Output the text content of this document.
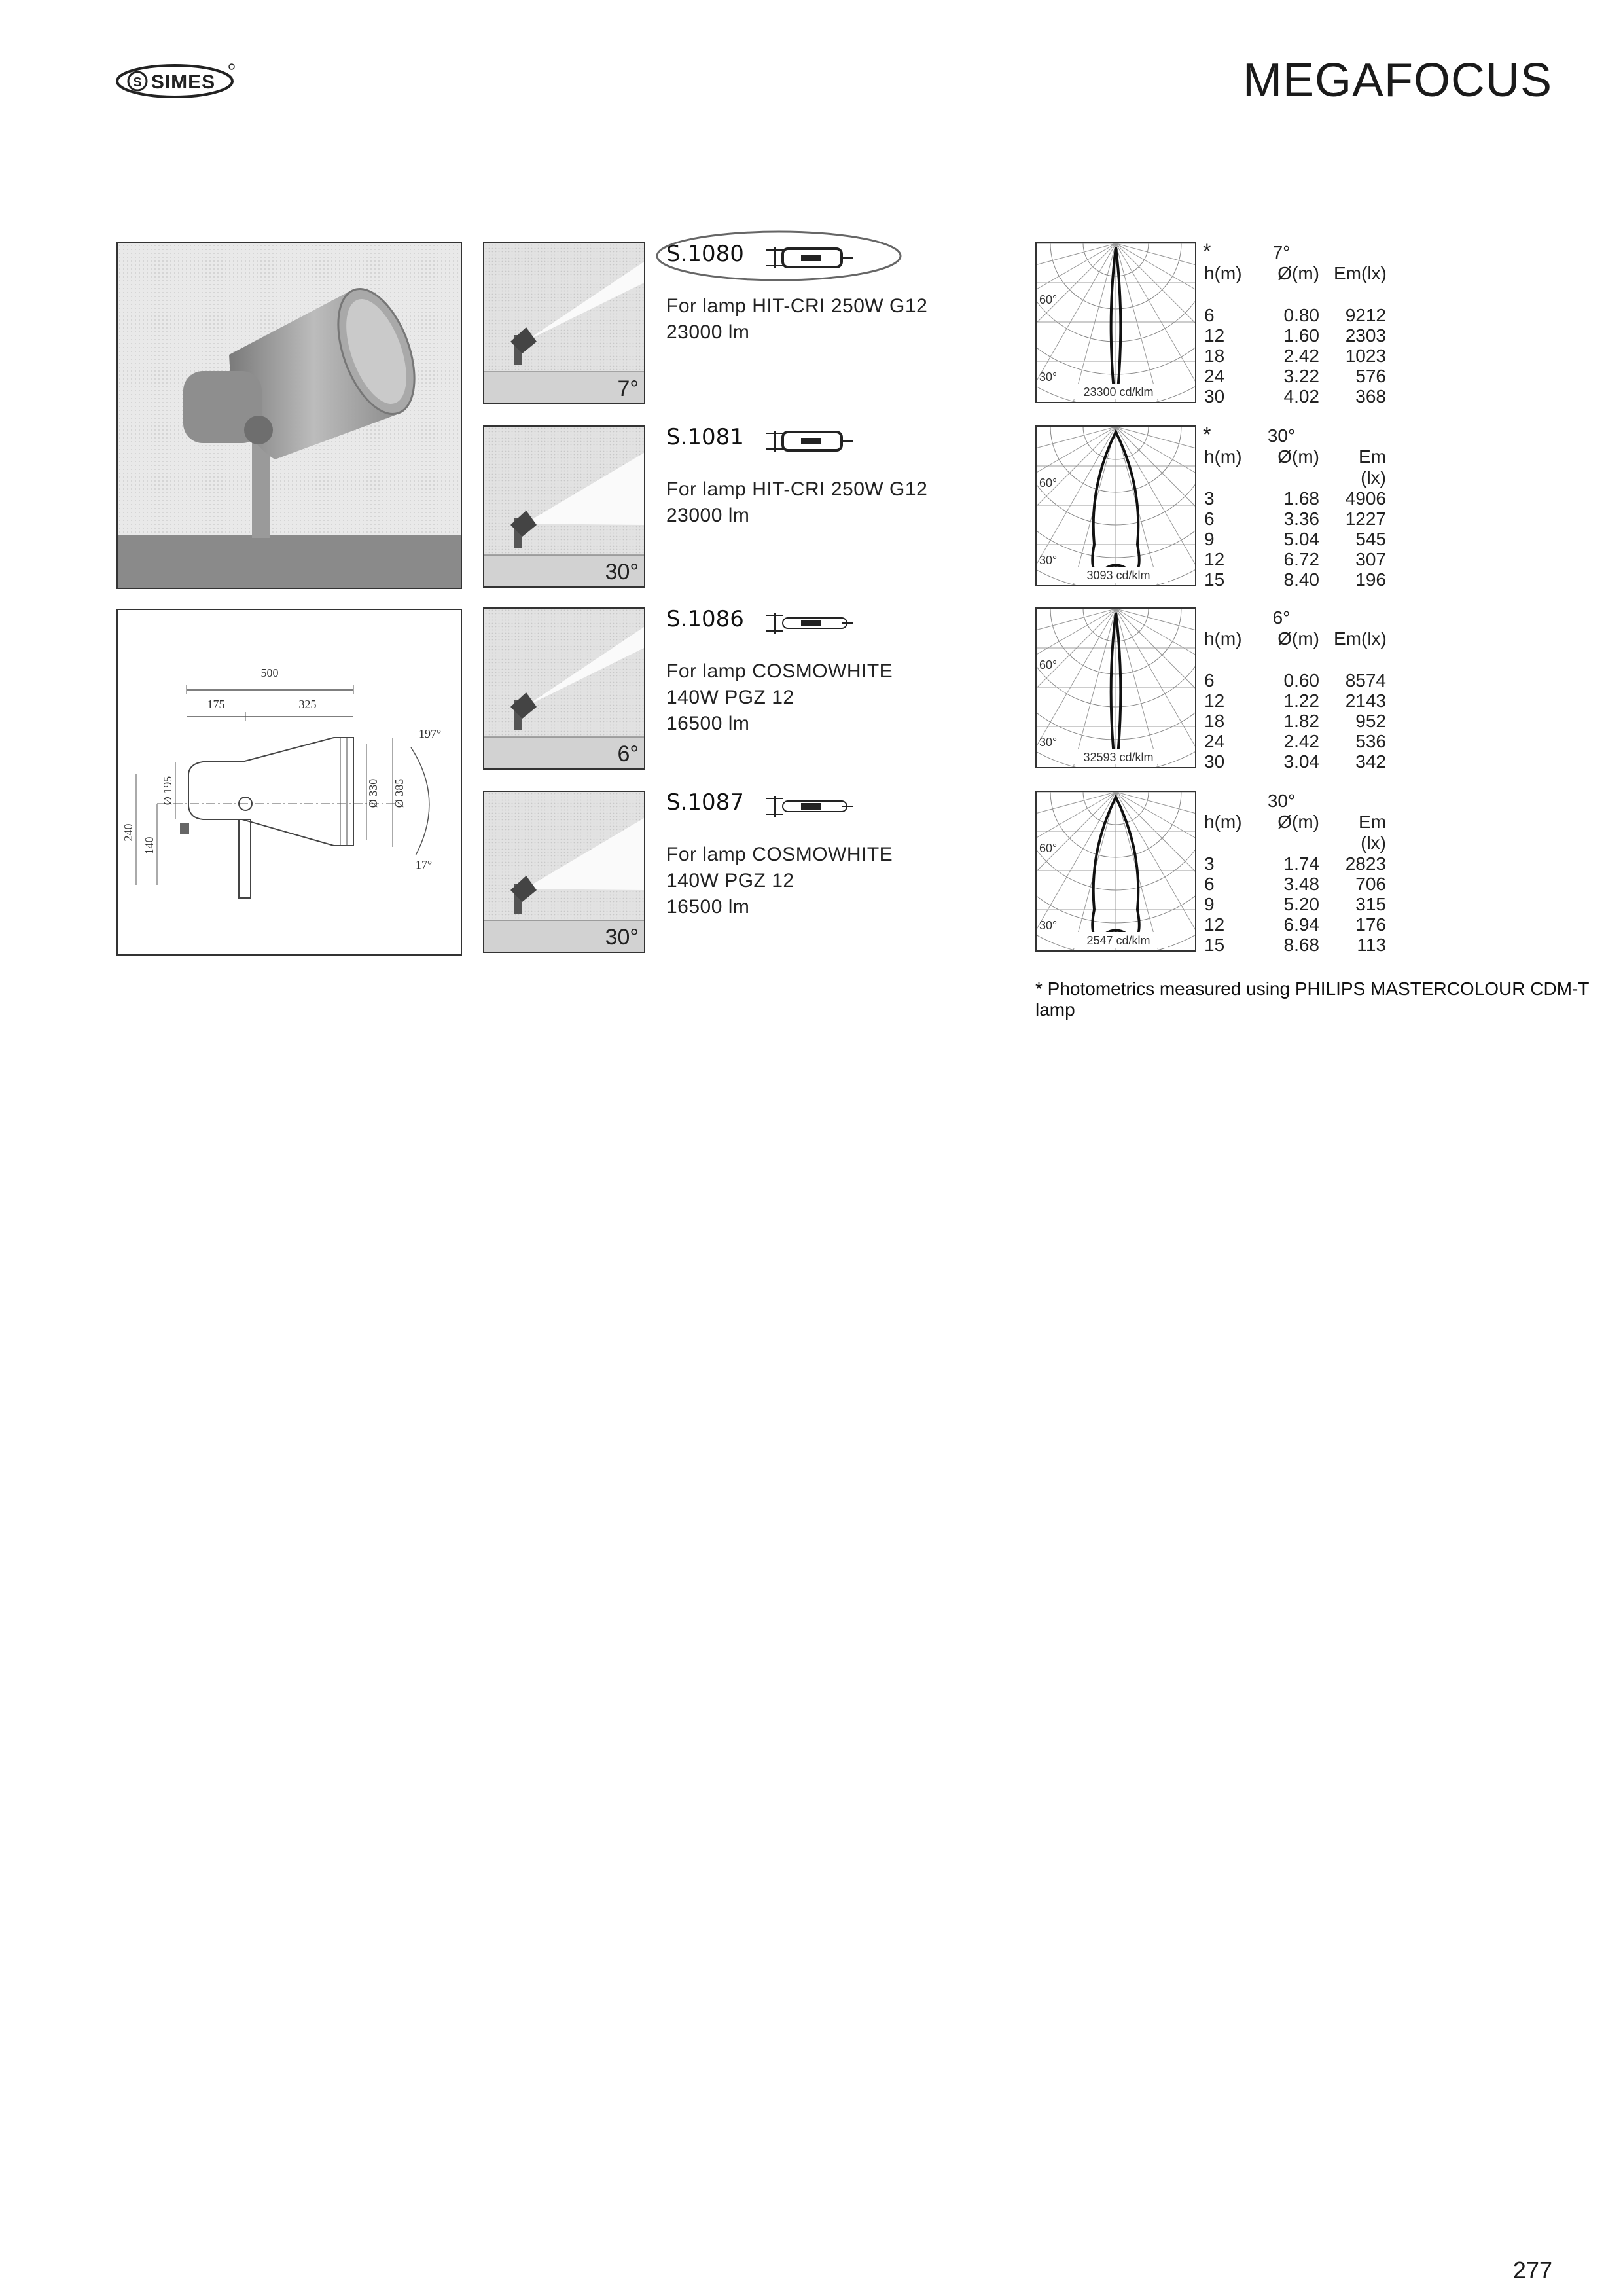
S SIMES	MEGAFOCUS
500
175	325
240
140
Ø 195	Ø 330 Ø 385
197°
17°
7°
S.1080
For lamp HIT-CRI 250W G12
23000 lm
30°
S.1081
For lamp HIT-CRI 250W G12
23000 lm
6°
S.1086
For lamp COSMOWHITE
140W PGZ 12
16500 lm
30°
S.1087
For lamp COSMOWHITE
140W PGZ 12
16500 lm
60°
30°
23300 cd/klm
*	7°
h(m) Ø(m) Em(lx)
6	0.80	9212
12	1.60	2303
18	2.42	1023
24	3.22	576
30	4.02	368
60°
30°
3093 cd/klm
*	30°
h(m) Ø(m)	Em (lx)
3	1.68	4906
6	3.36	1227
9	5.04	545
12	6.72	307
15	8.40	196
60°
30°
32593 cd/klm
6°
h(m) Ø(m) Em(lx)
6	0.60	8574
12	1.22	2143
18	1.82	952
24	2.42	536
30	3.04	342
60°
30°
2547 cd/klm
30°
h(m) Ø(m)	Em (lx)
3	1.74	2823
6	3.48	706
9	5.20	315
12	6.94	176
15	8.68	113
* Photometrics measured using PHILIPS MASTERCOLOUR CDM-T lamp
277
